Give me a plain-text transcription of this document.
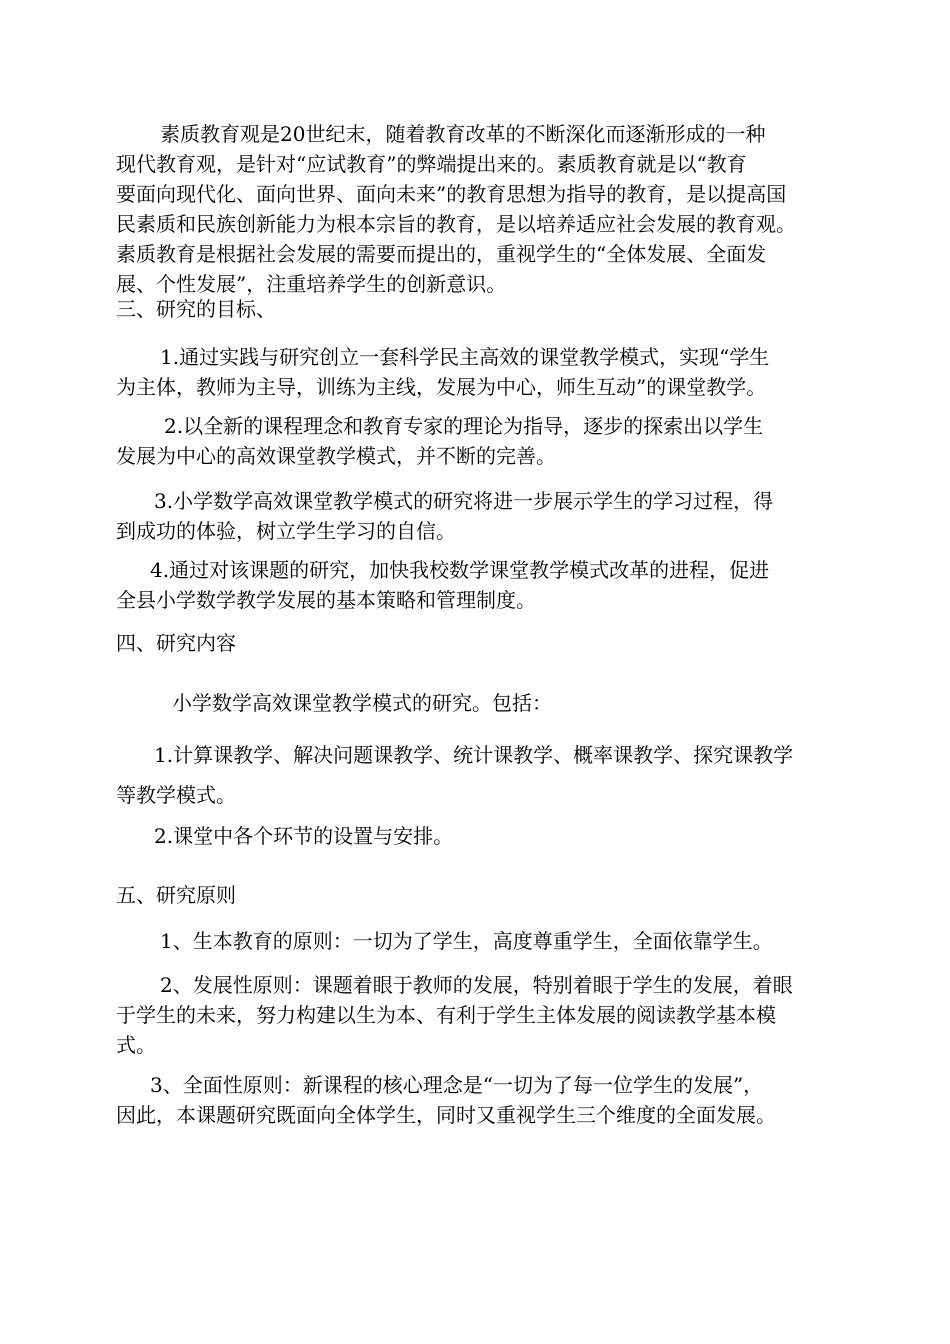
素质教育观是20世纪末，随着教育改革的不断深化而逐渐形成的一种
现代教育观，是针对“应试教育”的弊端提出来的。素质教育就是以“教育
要面向现代化、面向世界、面向未来”的教育思想为指导的教育，是以提高国
民素质和民族创新能力为根本宗旨的教育，是以培养适应社会发展的教育观。
素质教育是根据社会发展的需要而提出的，重视学生的“全体发展、全面发
展、个性发展”，注重培养学生的创新意识。
三、研究的目标、
1.通过实践与研究创立一套科学民主高效的课堂教学模式，实现“学生
为主体，教师为主导，训练为主线，发展为中心，师生互动”的课堂教学。
2.以全新的课程理念和教育专家的理论为指导，逐步的探索出以学生
发展为中心的高效课堂教学模式，并不断的完善。
3.小学数学高效课堂教学模式的研究将进一步展示学生的学习过程，得
到成功的体验，树立学生学习的自信。
4.通过对该课题的研究，加快我校数学课堂教学模式改革的进程，促进
全县小学数学教学发展的基本策略和管理制度。
四、研究内容
小学数学高效课堂教学模式的研究。包括：
1.计算课教学、解决问题课教学、统计课教学、概率课教学、探究课教学
等教学模式。
2.课堂中各个环节的设置与安排。
五、研究原则
1、生本教育的原则：一切为了学生，高度尊重学生，全面依靠学生。
2、发展性原则：课题着眼于教师的发展，特别着眼于学生的发展，着眼
于学生的未来，努力构建以生为本、有利于学生主体发展的阅读教学基本模
式。
3、全面性原则：新课程的核心理念是“一切为了每一位学生的发展”，
因此，本课题研究既面向全体学生，同时又重视学生三个维度的全面发展。
